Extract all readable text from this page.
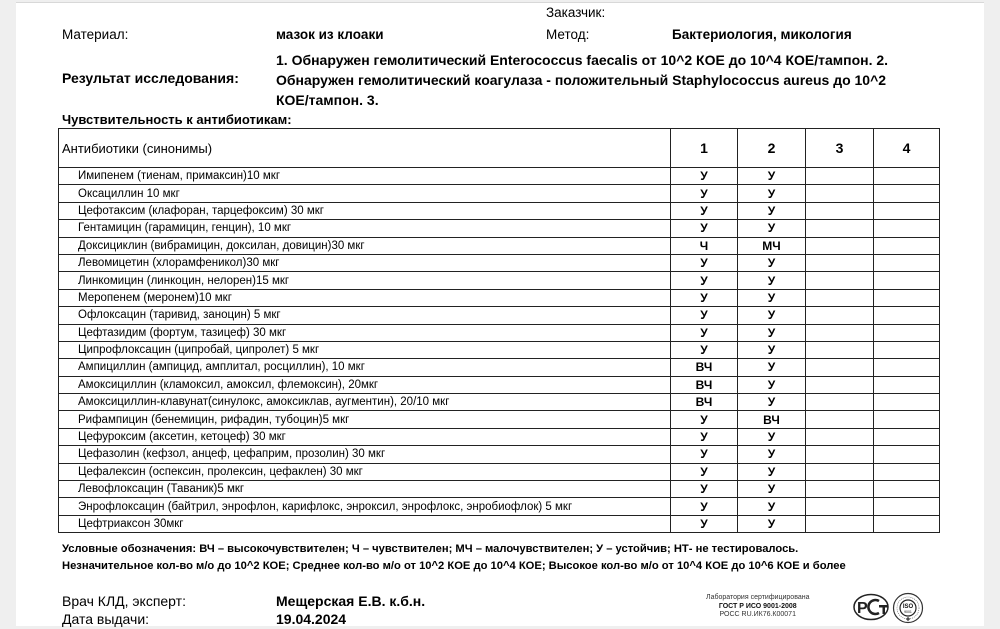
Заказчик:
Материал:	мазок из клоаки	Метод:	Бактериология, микология
Результат исследования:
1. Обнаружен гемолитический Enterococcus faecalis от 10^2 КОЕ до 10^4 КОЕ/тампон. 2. Обнаружен гемолитический коагулаза - положительный Staphylococcus aureus до 10^2 КОЕ/тампон. 3.
Чувствительность к антибиотикам:
Антибиотики (синонимы)	1	2	3	4
Имипенем (тиенам, примаксин)10 мкг	У	У		
Оксациллин 10 мкг	У	У		
Цефотаксим (клафоран, тарцефоксим) 30 мкг	У	У		
Гентамицин (гарамицин, генцин), 10 мкг	У	У		
Доксициклин (вибрамицин, доксилан, довицин)30 мкг	Ч	МЧ		
Левомицетин (хлорамфеникол)30 мкг	У	У		
Линкомицин (линкоцин, нелорен)15 мкг	У	У		
Меропенем (меронем)10 мкг	У	У		
Офлоксацин (таривид, заноцин) 5 мкг	У	У		
Цефтазидим (фортум, тазицеф) 30 мкг	У	У		
Ципрофлоксацин (ципробай, ципролет) 5 мкг	У	У		
Ампициллин (ампицид, амплитал, росциллин), 10 мкг	ВЧ	У		
Амоксициллин (кламоксил, амоксил, флемоксин), 20мкг	ВЧ	У		
Амоксициллин-клавунат(синулокс, амоксиклав, аугментин), 20/10 мкг	ВЧ	У		
Рифампицин (бенемицин, рифадин, тубоцин)5 мкг	У	ВЧ		
Цефуроксим (аксетин, кетоцеф) 30 мкг	У	У		
Цефазолин (кефзол, анцеф, цефаприм, прозолин) 30 мкг	У	У		
Цефалексин (оспексин, пролексин, цефаклен) 30 мкг	У	У		
Левофлоксацин (Таваник)5 мкг	У	У		
Энрофлоксацин (байтрил, энрофлон, карифлокс, энроксил, энрофлокс, энробиофлок) 5 мкг	У	У		
Цефтриаксон 30мкг	У	У		
Условные обозначения: ВЧ – высокочувствителен; Ч – чувствителен; МЧ – малочувствителен; У – устойчив; НТ- не тестировалось.
Незначительное кол-во м/о до 10^2 КОЕ; Среднее кол-во м/о от 10^2 КОЕ до 10^4 КОЕ; Высокое кол-во м/о от 10^4 КОЕ до 10^6 КОЕ и более
Врач КЛД, эксперт:	Мещерская Е.В. к.б.н.
Дата выдачи:	19.04.2024
Лаборатория сертифицирована
ГОСТ Р ИСО 9001-2008
РОСС RU.ИК76.К00071	Р	ISO
9001
